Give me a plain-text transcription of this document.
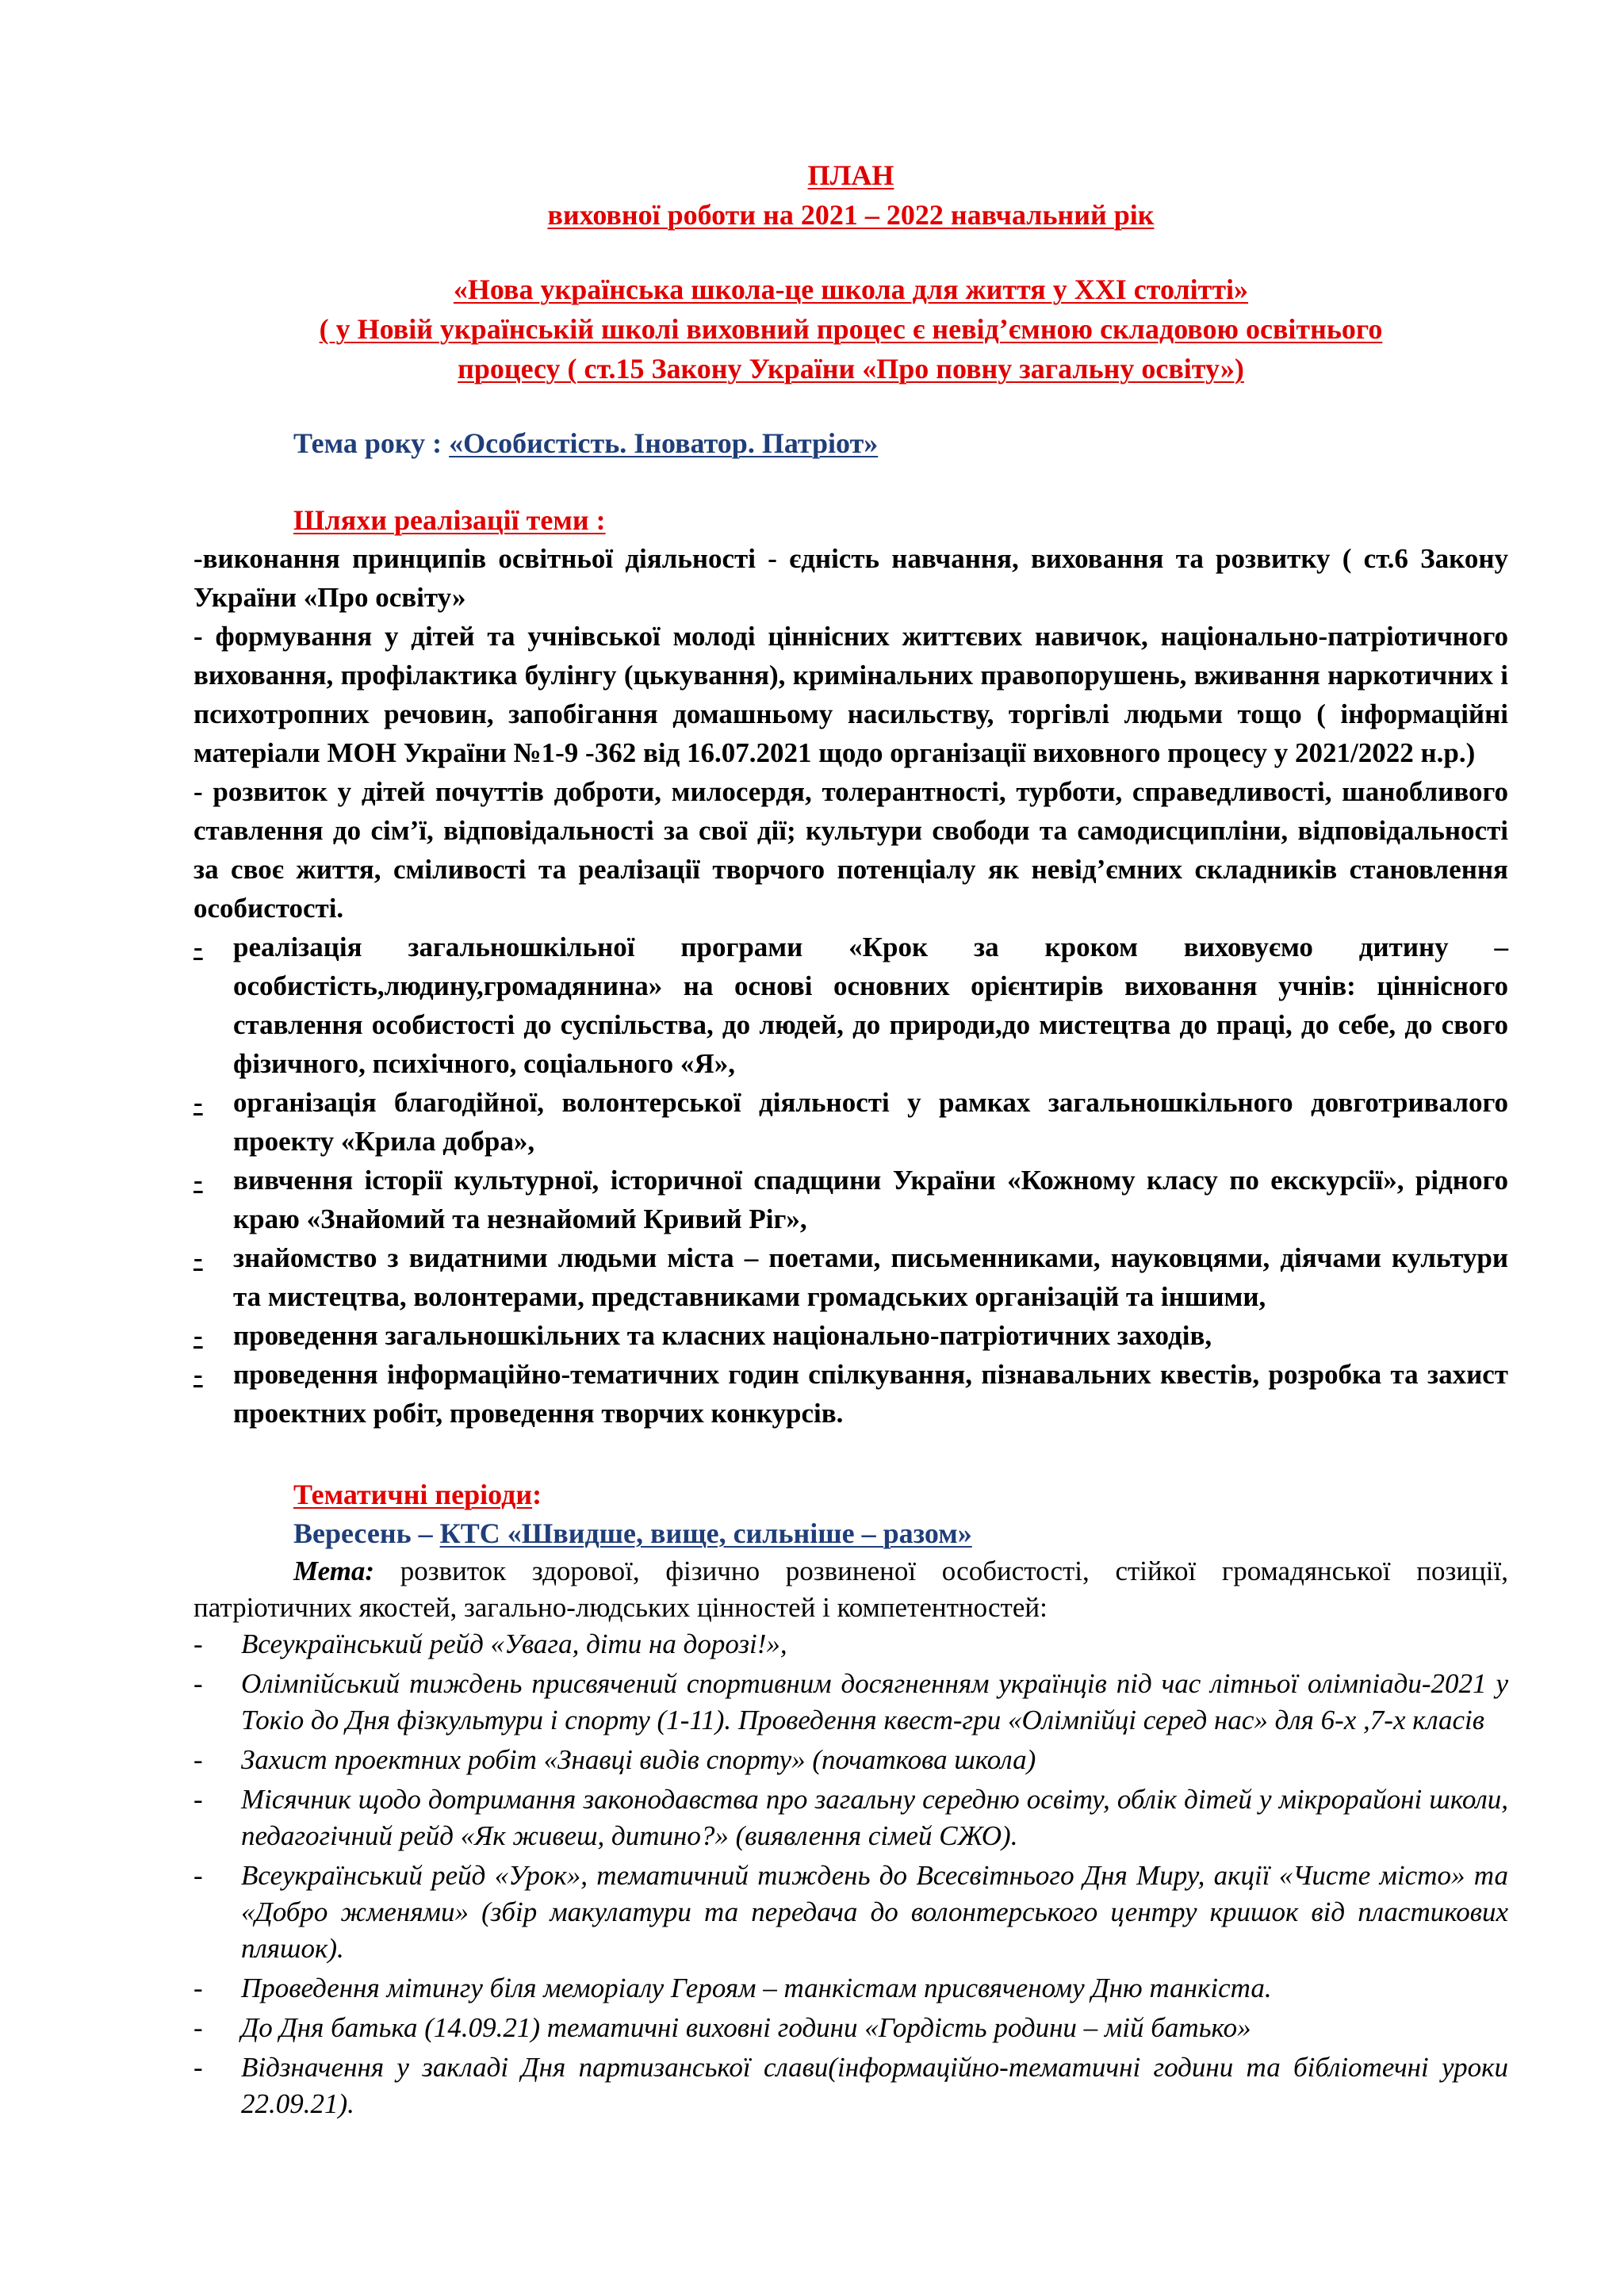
ПЛАН
виховної роботи на 2021 – 2022 навчальний рік
«Нова українська школа-це школа для життя у ХХІ столітті»
( у Новій українській школі виховний процес є невід’ємною складовою освітнього
процесу ( ст.15 Закону України «Про повну загальну освіту»)
Тема року : «Особистість. Іноватор. Патріот»
Шляхи реалізації теми :

-виконання принципів освітньої діяльності - єдність навчання, виховання та розвитку ( ст.6 Закону України «Про освіту»

- формування у дітей та учнівської молоді ціннісних життєвих навичок, національно-патріотичного виховання, профілактика булінгу (цькування), кримінальних правопорушень, вживання наркотичних і психотропних речовин, запобігання домашньому насильству, торгівлі людьми тощо ( інформаційні матеріали МОН України №1-9 -362 від 16.07.2021 щодо організації виховного процесу у 2021/2022 н.р.)

- розвиток у дітей почуттів доброти, милосердя, толерантності, турботи, справедливості, шанобливого ставлення до сім’ї, відповідальності за свої дії; культури свободи та самодисципліни, відповідальності за своє життя, сміливості та реалізації творчого потенціалу як невід’ємних складників становлення особистості.

- реалізація загальношкільної програми «Крок за кроком виховуємо дитину – особистість,людину,громадянина» на основі основних орієнтирів виховання учнів: ціннісного ставлення особистості до суспільства, до людей, до природи,до мистецтва до праці, до себе, до свого фізичного, психічного, соціального «Я»,
- організація благодійної, волонтерської діяльності у рамках загальношкільного довготривалого проекту «Крила добра»,
- вивчення історії культурної, історичної спадщини України «Кожному класу по екскурсії», рідного краю «Знайомий та незнайомий Кривий Ріг»,
- знайомство з видатними людьми міста – поетами, письменниками, науковцями, діячами культури та мистецтва, волонтерами, представниками громадських організацій та іншими,
- проведення загальношкільних та класних національно-патріотичних заходів,
- проведення інформаційно-тематичних годин спілкування, пізнавальних квестів, розробка та захист проектних робіт, проведення творчих конкурсів.
Тематичні періоди:
Вересень – КТС «Швидше, вище, сильніше – разом»
Мета: розвиток здорової, фізично розвиненої особистості, стійкої громадянської позиції, патріотичних якостей, загально-людських цінностей і компетентностей:
- Всеукраїнський рейд «Увага, діти на дорозі!»,
- Олімпійський тиждень присвячений спортивним досягненням українців під час літньої олімпіади-2021 у Токіо до Дня фізкультури і спорту (1-11). Проведення квест-гри «Олімпійці серед нас» для 6-х ,7-х класів
- Захист проектних робіт «Знавці видів спорту» (початкова школа)
- Місячник щодо дотримання законодавства про загальну середню освіту, облік дітей у мікрорайоні школи, педагогічний рейд «Як живеш, дитино?» (виявлення сімей СЖО).
- Всеукраїнський рейд «Урок», тематичний тиждень до Всесвітнього Дня Миру, акції «Чисте місто» та «Добро жменями» (збір макулатури та передача до волонтерського центру кришок від пластикових пляшок).
- Проведення мітингу біля меморіалу Героям – танкістам присвяченому Дню танкіста.
- До Дня батька (14.09.21) тематичні виховні години «Гордість родини – мій батько»
- Відзначення у закладі Дня партизанської слави(інформаційно-тематичні години та бібліотечні уроки 22.09.21).
